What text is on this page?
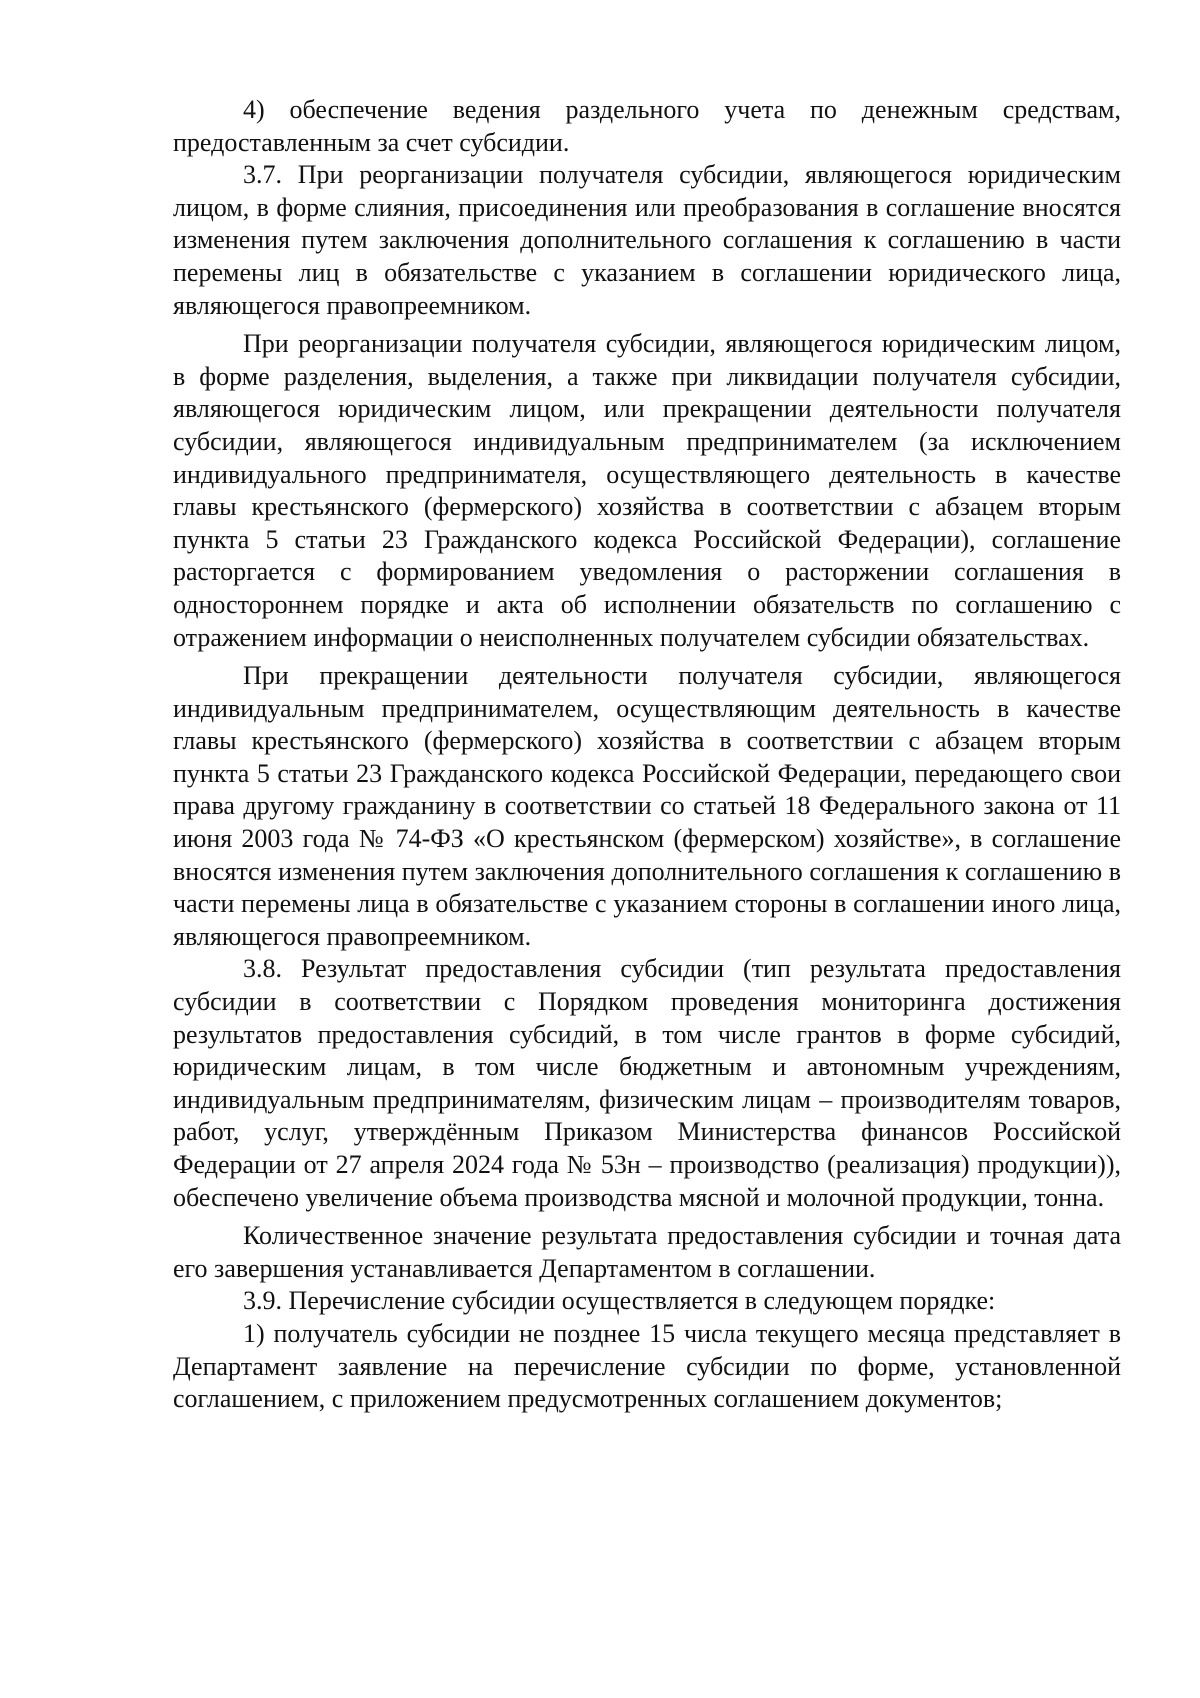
4) обеспечение ведения раздельного учета по денежным средствам, предоставленным за счет субсидии.

3.7. При реорганизации получателя субсидии, являющегося юридическим лицом, в форме слияния, присоединения или преобразования в соглашение вносятся изменения путем заключения дополнительного соглашения к соглашению в части перемены лиц в обязательстве с указанием в соглашении юридического лица, являющегося правопреемником.

При реорганизации получателя субсидии, являющегося юридическим лицом, в форме разделения, выделения, а также при ликвидации получателя субсидии, являющегося юридическим лицом, или прекращении деятельности получателя субсидии, являющегося индивидуальным предпринимателем (за исключением индивидуального предпринимателя, осуществляющего деятельность в качестве главы крестьянского (фермерского) хозяйства в соответствии с абзацем вторым пункта 5 статьи 23 Гражданского кодекса Российской Федерации), соглашение расторгается с формированием уведомления о расторжении соглашения в одностороннем порядке и акта об исполнении обязательств по соглашению с отражением информации о неисполненных получателем субсидии обязательствах.

При прекращении деятельности получателя субсидии, являющегося индивидуальным предпринимателем, осуществляющим деятельность в качестве главы крестьянского (фермерского) хозяйства в соответствии с абзацем вторым пункта 5 статьи 23 Гражданского кодекса Российской Федерации, передающего свои права другому гражданину в соответствии со статьей 18 Федерального закона от 11 июня 2003 года № 74-ФЗ «О крестьянском (фермерском) хозяйстве», в соглашение вносятся изменения путем заключения дополнительного соглашения к соглашению в части перемены лица в обязательстве с указанием стороны в соглашении иного лица, являющегося правопреемником.

3.8. Результат предоставления субсидии (тип результата предоставления субсидии в соответствии с Порядком проведения мониторинга достижения результатов предоставления субсидий, в том числе грантов в форме субсидий, юридическим лицам, в том числе бюджетным и автономным учреждениям, индивидуальным предпринимателям, физическим лицам – производителям товаров, работ, услуг, утверждённым Приказом Министерства финансов Российской Федерации от 27 апреля 2024 года № 53н – производство (реализация) продукции)), обеспечено увеличение объема производства мясной и молочной продукции, тонна.

Количественное значение результата предоставления субсидии и точная дата его завершения устанавливается Департаментом в соглашении.

3.9. Перечисление субсидии осуществляется в следующем порядке:

1) получатель субсидии не позднее 15 числа текущего месяца представляет в Департамент заявление на перечисление субсидии по форме, установленной соглашением, с приложением предусмотренных соглашением документов;
